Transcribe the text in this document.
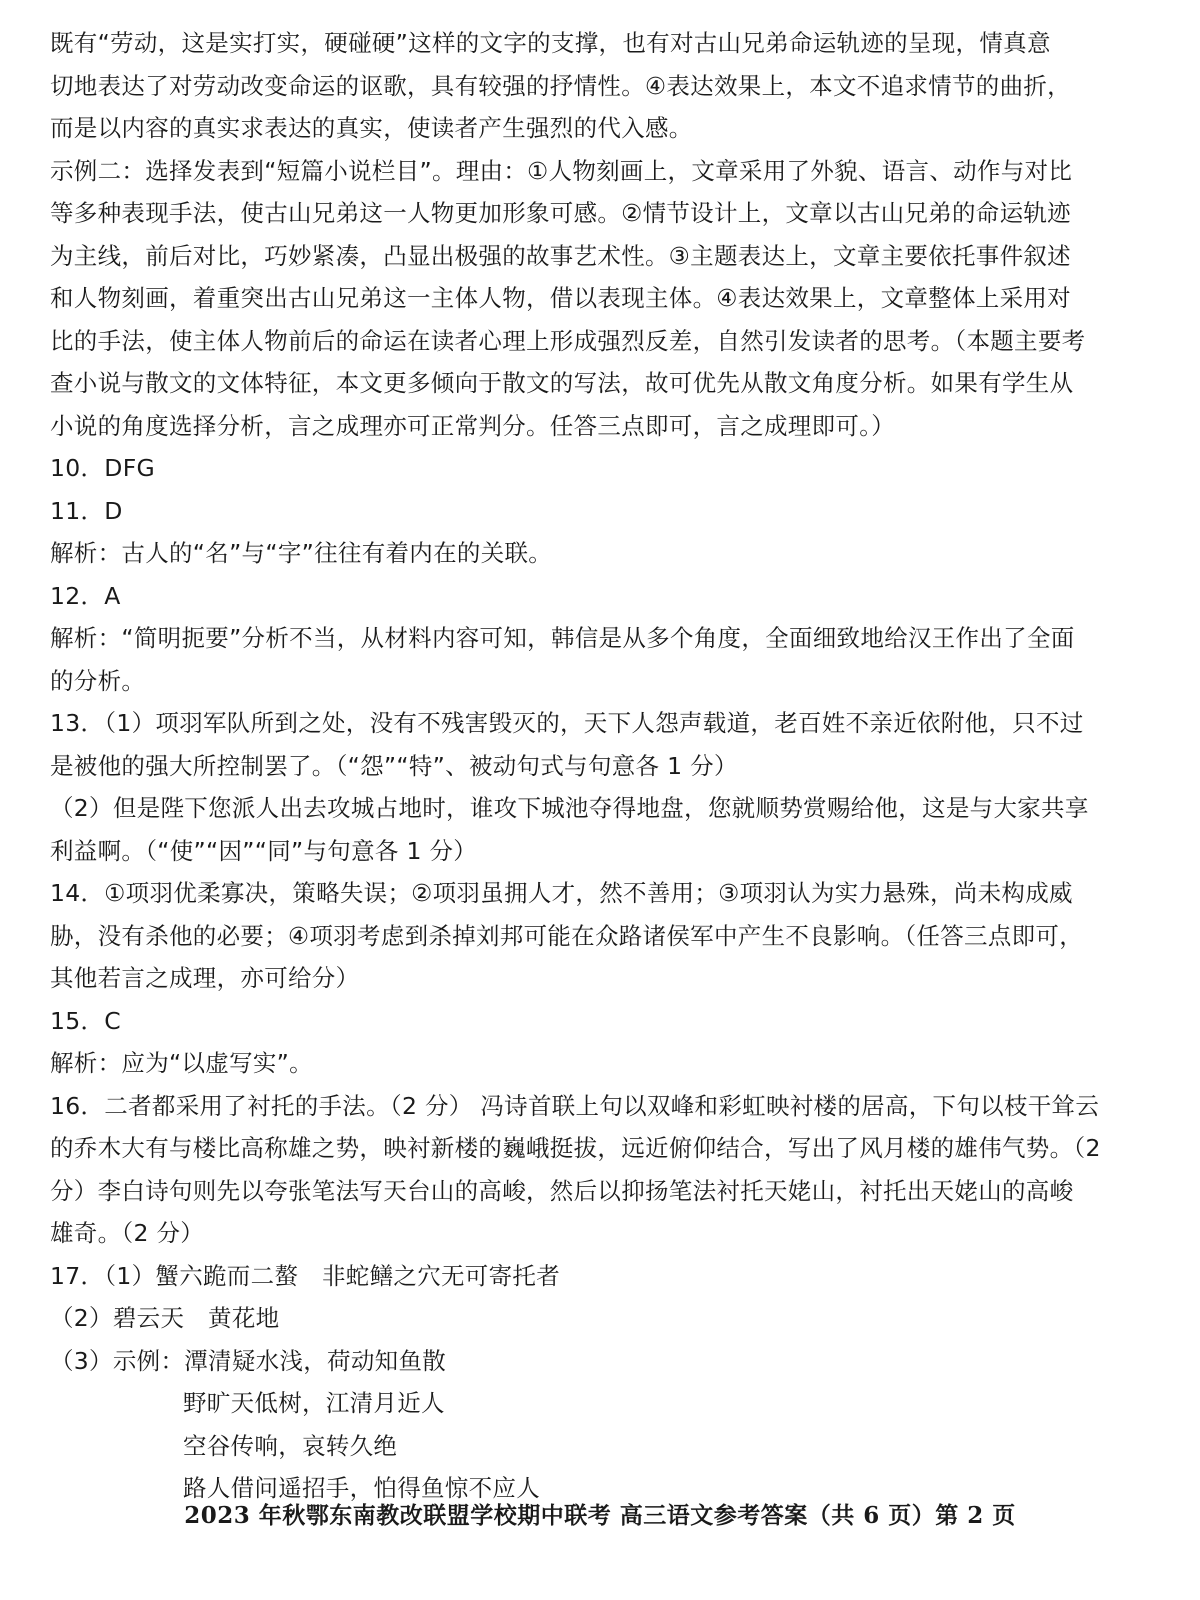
既有“劳动，这是实打实，硬碰硬”这样的文字的支撑，也有对古山兄弟命运轨迹的呈现，情真意
切地表达了对劳动改变命运的讴歌，具有较强的抒情性。④表达效果上，本文不追求情节的曲折，
而是以内容的真实求表达的真实，使读者产生强烈的代入感。
示例二：选择发表到“短篇小说栏目”。理由：①人物刻画上，文章采用了外貌、语言、动作与对比
等多种表现手法，使古山兄弟这一人物更加形象可感。②情节设计上，文章以古山兄弟的命运轨迹
为主线，前后对比，巧妙紧凑，凸显出极强的故事艺术性。③主题表达上，文章主要依托事件叙述
和人物刻画，着重突出古山兄弟这一主体人物，借以表现主体。④表达效果上，文章整体上采用对
比的手法，使主体人物前后的命运在读者心理上形成强烈反差，自然引发读者的思考。（本题主要考
查小说与散文的文体特征，本文更多倾向于散文的写法，故可优先从散文角度分析。如果有学生从
小说的角度选择分析，言之成理亦可正常判分。任答三点即可，言之成理即可。）
10．DFG
11．D
解析：古人的“名”与“字”往往有着内在的关联。
12．A
解析：“简明扼要”分析不当，从材料内容可知，韩信是从多个角度，全面细致地给汉王作出了全面
的分析。
13．（1）项羽军队所到之处，没有不残害毁灭的，天下人怨声载道，老百姓不亲近依附他，只不过
是被他的强大所控制罢了。（“怨”“特”、被动句式与句意各 1 分）
（2）但是陛下您派人出去攻城占地时，谁攻下城池夺得地盘，您就顺势赏赐给他，这是与大家共享
利益啊。（“使”“因”“同”与句意各 1 分）
14．①项羽优柔寡决，策略失误；②项羽虽拥人才，然不善用；③项羽认为实力悬殊，尚未构成威
胁，没有杀他的必要；④项羽考虑到杀掉刘邦可能在众路诸侯军中产生不良影响。（任答三点即可，
其他若言之成理，亦可给分）
15．C
解析：应为“以虚写实”。
16．二者都采用了衬托的手法。（2 分） 冯诗首联上句以双峰和彩虹映衬楼的居高，下句以枝干耸云
的乔木大有与楼比高称雄之势，映衬新楼的巍峨挺拔，远近俯仰结合，写出了风月楼的雄伟气势。（2
分）李白诗句则先以夸张笔法写天台山的高峻，然后以抑扬笔法衬托天姥山，衬托出天姥山的高峻
雄奇。（2 分）
17．（1）蟹六跪而二螯　非蛇鳝之穴无可寄托者
（2）碧云天　黄花地
（3）示例：潭清疑水浅，荷动知鱼散
野旷天低树，江清月近人
空谷传响，哀转久绝
路人借问遥招手，怕得鱼惊不应人
2023 年秋鄂东南教改联盟学校期中联考 高三语文参考答案（共 6 页）第 2 页
